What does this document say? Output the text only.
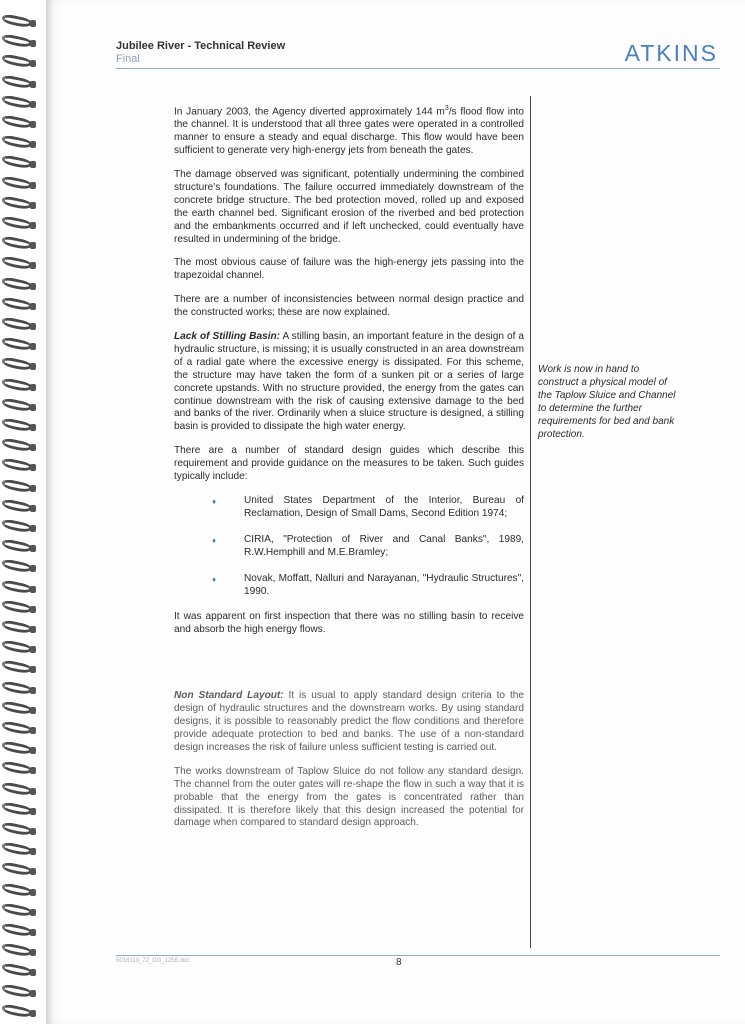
Jubilee River - Technical Review
Final	ATKINS

In January 2003, the Agency diverted approximately 144 $m^3/s$ flood flow into the channel. It is understood that all three gates were operated in a controlled manner to ensure a steady and equal discharge. This flow would have been sufficient to generate very high-energy jets from beneath the gates.

The damage observed was significant, potentially undermining the combined structure's foundations. The failure occurred immediately downstream of the concrete bridge structure. The bed protection moved, rolled up and exposed the earth channel bed. Significant erosion of the riverbed and bed protection and the embankments occurred and if left unchecked, could eventually have resulted in undermining of the bridge.

The most obvious cause of failure was the high-energy jets passing into the trapezoidal channel.

There are a number of inconsistencies between normal design practice and the constructed works; these are now explained.

Lack of Stilling Basin: A stilling basin, an important feature in the design of a hydraulic structure, is missing; it is usually constructed in an area downstream of a radial gate where the excessive energy is dissipated. For this scheme, the structure may have taken the form of a sunken pit or a series of large concrete upstands. With no structure provided, the energy from the gates can continue downstream with the risk of causing extensive damage to the bed and banks of the river. Ordinarily when a sluice structure is designed, a stilling basin is provided to dissipate the high water energy.

There are a number of standard design guides which describe this requirement and provide guidance on the measures to be taken. Such guides typically include:

♦	United States Department of the Interior, Bureau of Reclamation, Design of Small Dams, Second Edition 1974;
♦	CIRIA, "Protection of River and Canal Banks", 1989, R.W.Hemphill and M.E.Bramley;
♦	Novak, Moffatt, Nalluri and Narayanan, "Hydraulic Structures", 1990.

It was apparent on first inspection that there was no stilling basin to receive and absorb the high energy flows.

Non Standard Layout: It is usual to apply standard design criteria to the design of hydraulic structures and the downstream works. By using standard designs, it is possible to reasonably predict the flow conditions and therefore provide adequate protection to bed and banks. The use of a non-standard design increases the risk of failure unless sufficient testing is carried out.

The works downstream of Taplow Sluice do not follow any standard design. The channel from the outer gates will re-shape the flow in such a way that it is probable that the energy from the gates is concentrated rather than dissipated. It is therefore likely that this design increased the potential for damage when compared to standard design approach.

Work is now in hand to construct a physical model of the Taplow Sluice and Channel to determine the further requirements for bed and bank protection.
5018110_72_DG_1255.doc	8
